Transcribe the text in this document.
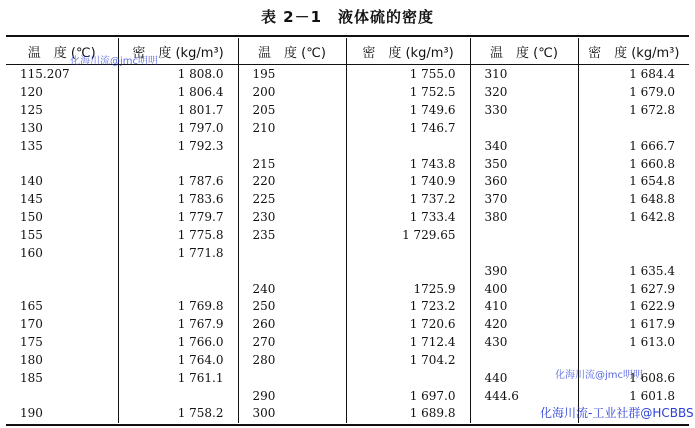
表 2－1　液体硫的密度
温　度 (℃)	密　度 (kg/m³)	温　度 (℃)	密　度 (kg/m³)	温　度 (℃)	密　度 (kg/m³)
115.207	1 808.0	195	1 755.0	310	1 684.4
120	1 806.4	200	1 752.5	320	1 679.0
125	1 801.7	205	1 749.6	330	1 672.8
130	1 797.0	210	1 746.7		
135	1 792.3			340	1 666.7
		215	1 743.8	350	1 660.8
140	1 787.6	220	1 740.9	360	1 654.8
145	1 783.6	225	1 737.2	370	1 648.8
150	1 779.7	230	1 733.4	380	1 642.8
155	1 775.8	235	1 729.65		
160	1 771.8				
				390	1 635.4
		240	1725.9	400	1 627.9
165	1 769.8	250	1 723.2	410	1 622.9
170	1 767.9	260	1 720.6	420	1 617.9
175	1 766.0	270	1 712.4	430	1 613.0
180	1 764.0	280	1 704.2		
185	1 761.1			440	1 608.6
		290	1 697.0	444.6	1 601.8
190	1 758.2	300	1 689.8		
化海川流@jmc明明
化海川流@jmc明明
化海川流-工业社群@HCBBS
